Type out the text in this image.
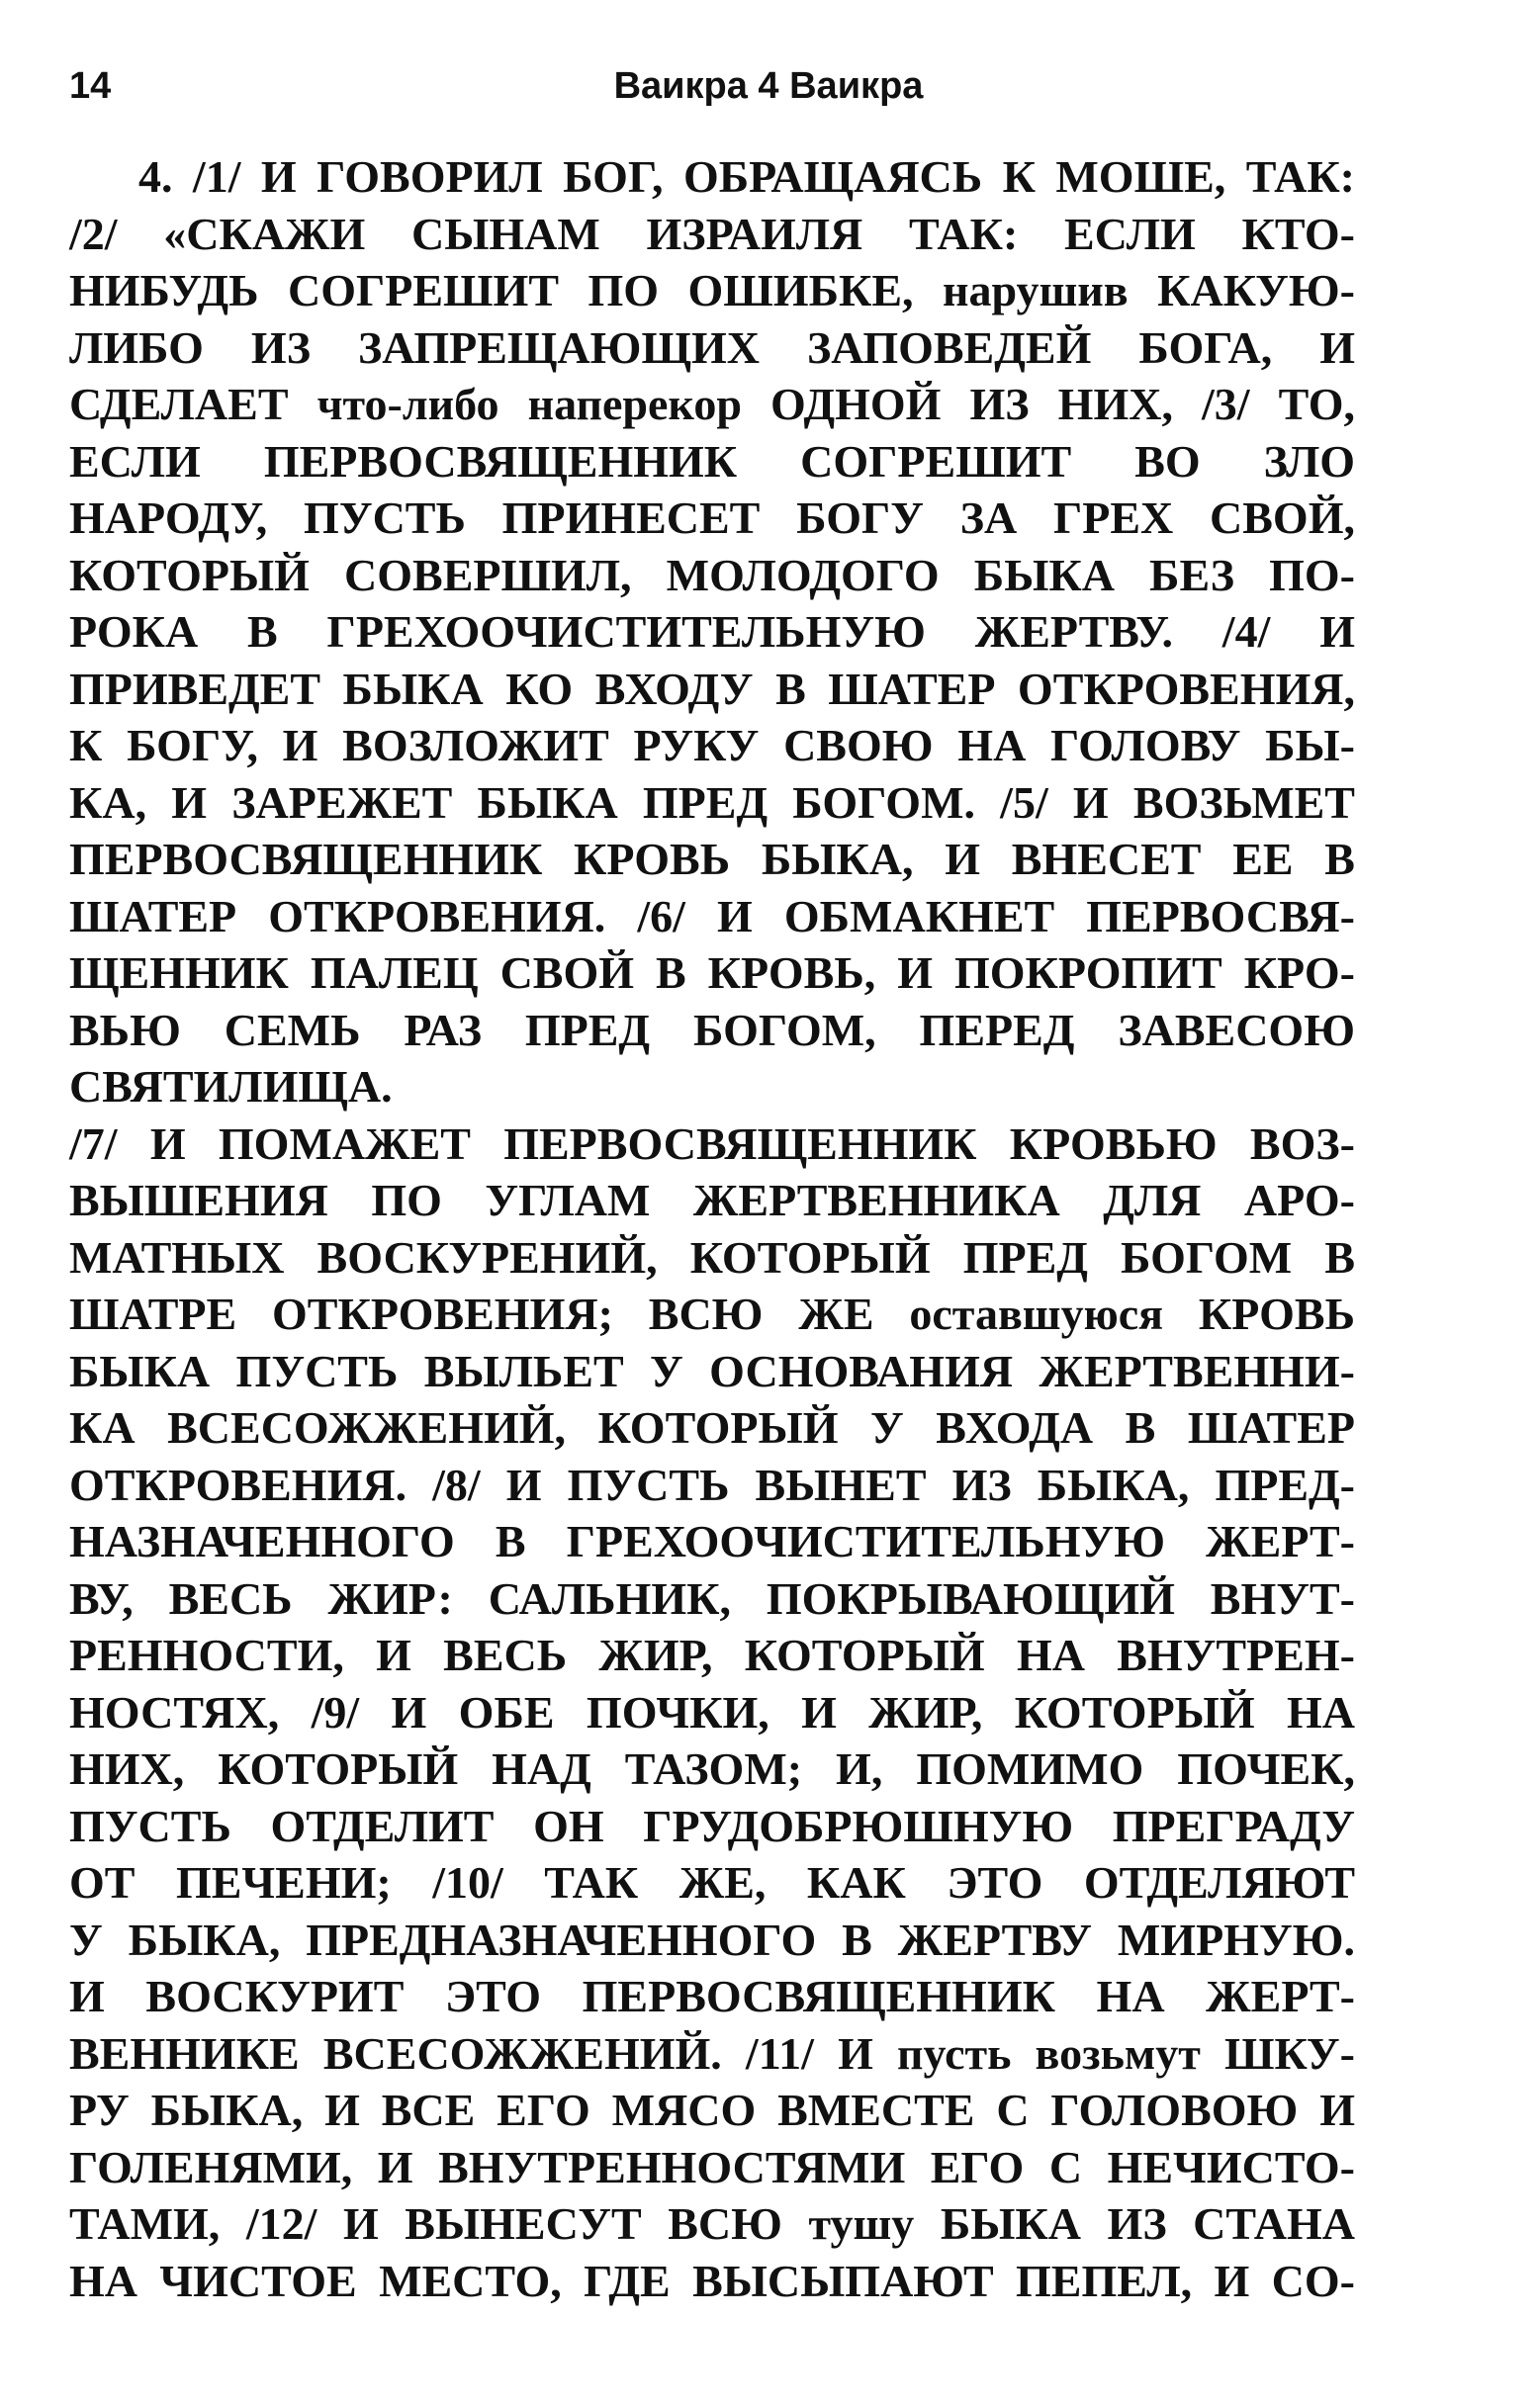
14	Ваикра 4 Ваикра
4. /1/ И ГОВОРИЛ БОГ, ОБРАЩАЯСЬ К МОШЕ, ТАК:
/2/ «СКАЖИ СЫНАМ ИЗРАИЛЯ ТАК: ЕСЛИ КТО-
НИБУДЬ СОГРЕШИТ ПО ОШИБКЕ, нарушив КАКУЮ-
ЛИБО ИЗ ЗАПРЕЩАЮЩИХ ЗАПОВЕДЕЙ БОГА, И
СДЕЛАЕТ что-либо наперекор ОДНОЙ ИЗ НИХ, /3/ ТО,
ЕСЛИ ПЕРВОСВЯЩЕННИК СОГРЕШИТ ВО ЗЛО
НАРОДУ, ПУСТЬ ПРИНЕСЕТ БОГУ ЗА ГРЕХ СВОЙ,
КОТОРЫЙ СОВЕРШИЛ, МОЛОДОГО БЫКА БЕЗ ПО-
РОКА В ГРЕХООЧИСТИТЕЛЬНУЮ ЖЕРТВУ. /4/ И
ПРИВЕДЕТ БЫКА КО ВХОДУ В ШАТЕР ОТКРОВЕНИЯ,
К БОГУ, И ВОЗЛОЖИТ РУКУ СВОЮ НА ГОЛОВУ БЫ-
КА, И ЗАРЕЖЕТ БЫКА ПРЕД БОГОМ. /5/ И ВОЗЬМЕТ
ПЕРВОСВЯЩЕННИК КРОВЬ БЫКА, И ВНЕСЕТ ЕЕ В
ШАТЕР ОТКРОВЕНИЯ. /6/ И ОБМАКНЕТ ПЕРВОСВЯ-
ЩЕННИК ПАЛЕЦ СВОЙ В КРОВЬ, И ПОКРОПИТ КРО-
ВЬЮ СЕМЬ РАЗ ПРЕД БОГОМ, ПЕРЕД ЗАВЕСОЮ
СВЯТИЛИЩА.
/7/ И ПОМАЖЕТ ПЕРВОСВЯЩЕННИК КРОВЬЮ ВОЗ-
ВЫШЕНИЯ ПО УГЛАМ ЖЕРТВЕННИКА ДЛЯ АРО-
МАТНЫХ ВОСКУРЕНИЙ, КОТОРЫЙ ПРЕД БОГОМ В
ШАТРЕ ОТКРОВЕНИЯ; ВСЮ ЖЕ оставшуюся КРОВЬ
БЫКА ПУСТЬ ВЫЛЬЕТ У ОСНОВАНИЯ ЖЕРТВЕННИ-
КА ВСЕСОЖЖЕНИЙ, КОТОРЫЙ У ВХОДА В ШАТЕР
ОТКРОВЕНИЯ. /8/ И ПУСТЬ ВЫНЕТ ИЗ БЫКА, ПРЕД-
НАЗНАЧЕННОГО В ГРЕХООЧИСТИТЕЛЬНУЮ ЖЕРТ-
ВУ, ВЕСЬ ЖИР: САЛЬНИК, ПОКРЫВАЮЩИЙ ВНУТ-
РЕННОСТИ, И ВЕСЬ ЖИР, КОТОРЫЙ НА ВНУТРЕН-
НОСТЯХ, /9/ И ОБЕ ПОЧКИ, И ЖИР, КОТОРЫЙ НА
НИХ, КОТОРЫЙ НАД ТАЗОМ; И, ПОМИМО ПОЧЕК,
ПУСТЬ ОТДЕЛИТ ОН ГРУДОБРЮШНУЮ ПРЕГРАДУ
ОТ ПЕЧЕНИ; /10/ ТАК ЖЕ, КАК ЭТО ОТДЕЛЯЮТ
У БЫКА, ПРЕДНАЗНАЧЕННОГО В ЖЕРТВУ МИРНУЮ.
И ВОСКУРИТ ЭТО ПЕРВОСВЯЩЕННИК НА ЖЕРТ-
ВЕННИКЕ ВСЕСОЖЖЕНИЙ. /11/ И пусть возьмут ШКУ-
РУ БЫКА, И ВСЕ ЕГО МЯСО ВМЕСТЕ С ГОЛОВОЮ И
ГОЛЕНЯМИ, И ВНУТРЕННОСТЯМИ ЕГО С НЕЧИСТО-
ТАМИ, /12/ И ВЫНЕСУТ ВСЮ тушу БЫКА ИЗ СТАНА
НА ЧИСТОЕ МЕСТО, ГДЕ ВЫСЫПАЮТ ПЕПЕЛ, И СО-
